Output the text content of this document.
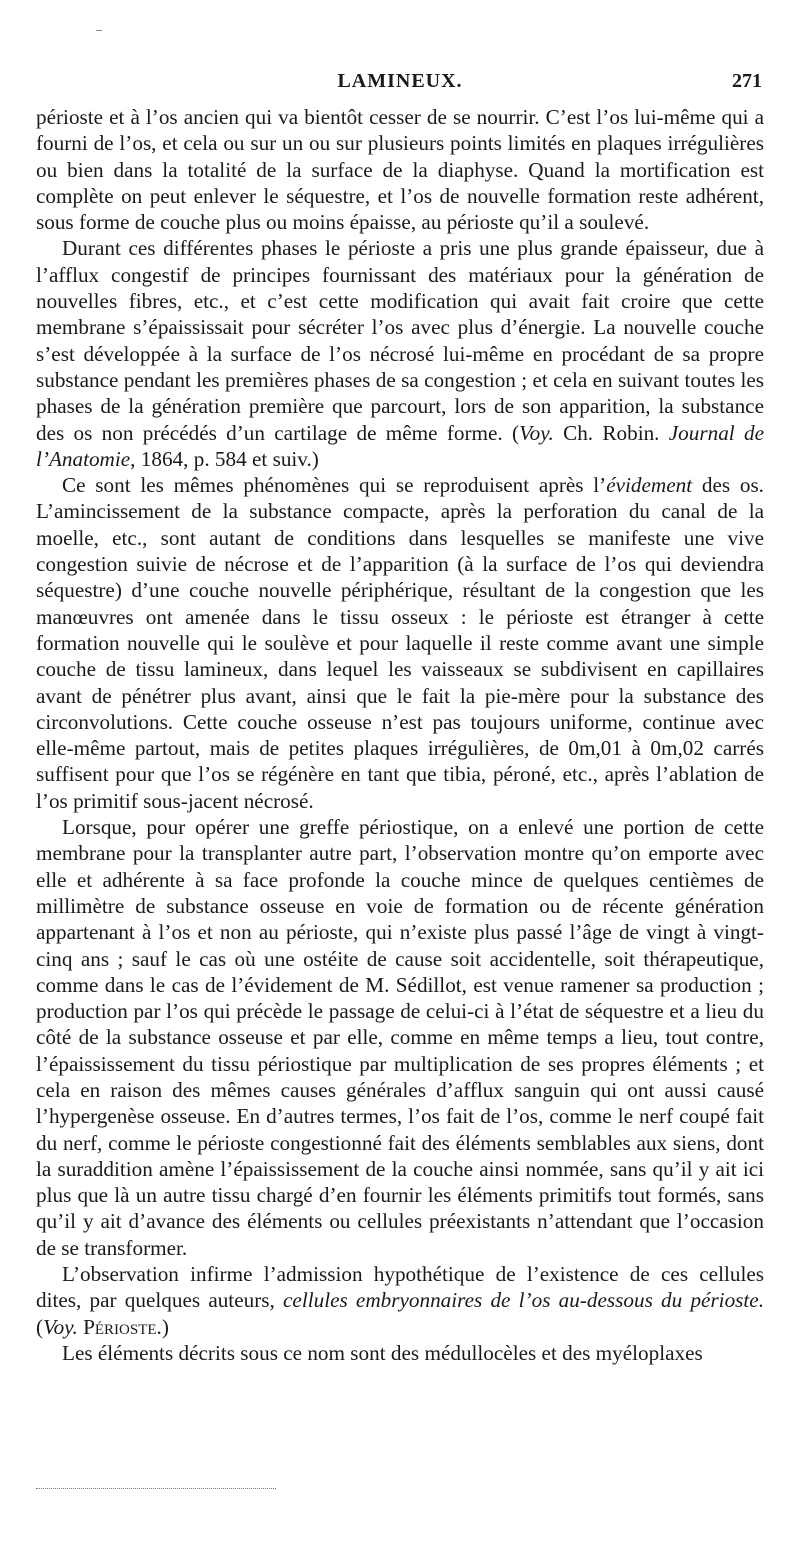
LAMINEUX.	271

périoste et à l’os ancien qui va bientôt cesser de se nourrir. C’est l’os lui-même qui a fourni de l’os, et cela ou sur un ou sur plusieurs points limités en plaques irrégulières ou bien dans la totalité de la surface de la diaphyse. Quand la mortification est complète on peut enlever le séquestre, et l’os de nouvelle formation reste adhérent, sous forme de couche plus ou moins épaisse, au périoste qu’il a soulevé.

Durant ces différentes phases le périoste a pris une plus grande épaisseur, due à l’afflux congestif de principes fournissant des matériaux pour la génération de nouvelles fibres, etc., et c’est cette modification qui avait fait croire que cette membrane s’épaississait pour sécréter l’os avec plus d’énergie. La nouvelle couche s’est développée à la surface de l’os nécrosé lui-même en procédant de sa propre substance pendant les premières phases de sa congestion ; et cela en suivant toutes les phases de la génération première que parcourt, lors de son apparition, la substance des os non précédés d’un cartilage de même forme. (Voy. Ch. Robin. Journal de l’Anatomie, 1864, p. 584 et suiv.)

Ce sont les mêmes phénomènes qui se reproduisent après l’évidement des os. L’amincissement de la substance compacte, après la perforation du canal de la moelle, etc., sont autant de conditions dans lesquelles se manifeste une vive congestion suivie de nécrose et de l’apparition (à la surface de l’os qui deviendra séquestre) d’une couche nouvelle périphérique, résultant de la congestion que les manœuvres ont amenée dans le tissu osseux : le périoste est étranger à cette formation nouvelle qui le soulève et pour laquelle il reste comme avant une simple couche de tissu lamineux, dans lequel les vaisseaux se subdivisent en capillaires avant de pénétrer plus avant, ainsi que le fait la pie-mère pour la substance des circonvolutions. Cette couche osseuse n’est pas toujours uniforme, continue avec elle-même partout, mais de petites plaques irrégulières, de 0m,01 à 0m,02 carrés suffisent pour que l’os se régénère en tant que tibia, péroné, etc., après l’ablation de l’os primitif sous-jacent nécrosé.

Lorsque, pour opérer une greffe périostique, on a enlevé une portion de cette membrane pour la transplanter autre part, l’observation montre qu’on emporte avec elle et adhérente à sa face profonde la couche mince de quelques centièmes de millimètre de substance osseuse en voie de formation ou de récente génération appartenant à l’os et non au périoste, qui n’existe plus passé l’âge de vingt à vingt-cinq ans ; sauf le cas où une ostéite de cause soit accidentelle, soit thérapeutique, comme dans le cas de l’évidement de M. Sédillot, est venue ramener sa production ; production par l’os qui précède le passage de celui-ci à l’état de séquestre et a lieu du côté de la substance osseuse et par elle, comme en même temps a lieu, tout contre, l’épaississement du tissu périostique par multiplication de ses propres éléments ; et cela en raison des mêmes causes générales d’afflux sanguin qui ont aussi causé l’hypergenèse osseuse. En d’autres termes, l’os fait de l’os, comme le nerf coupé fait du nerf, comme le périoste congestionné fait des éléments semblables aux siens, dont la suraddition amène l’épaississement de la couche ainsi nommée, sans qu’il y ait ici plus que là un autre tissu chargé d’en fournir les éléments primitifs tout formés, sans qu’il y ait d’avance des éléments ou cellules préexistants n’attendant que l’occasion de se transformer.

L’observation infirme l’admission hypothétique de l’existence de ces cellules dites, par quelques auteurs, cellules embryonnaires de l’os au-dessous du périoste. (Voy. Périoste.)

Les éléments décrits sous ce nom sont des médullocèles et des myéloplaxes
